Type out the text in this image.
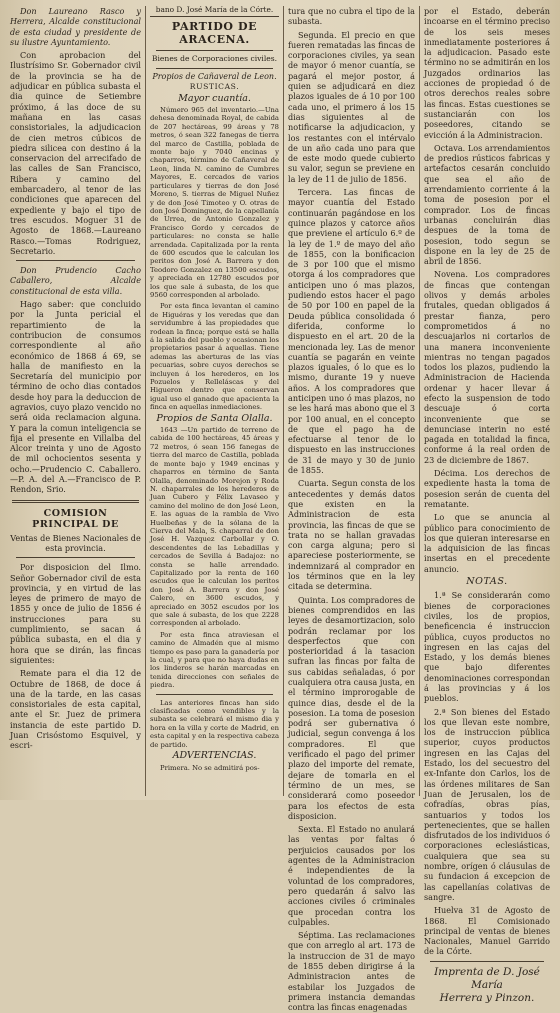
Don Laureano Rasco y Herrera, Alcalde constitucional de esta ciudad y presidente de su ilustre Ayuntamiento.

Con aprobacion del Ilustrísimo Sr. Gobernador civil de la provincia se ha de adjudicar en pública subasta el dia quince de Setiembre próximo, á las doce de su mañana en las casas consistoriales, la adjudicacion de cien metros cúbicos de piedra silicea con destino á la conservacion del arrecifado de las calles de San Francisco, Ribera y camino del embarcadero, al tenor de las condiciones que aparecen del expediente y bajo el tipo de tres escudos. Moguer 31 de Agosto de 1868.—Laureano Rasco.—Tomas Rodriguez, Secretario.

Don Prudencio Cacho Caballero, Alcalde constitucional de esta villa.

Hago saber: que concluido por la Junta pericial el repartimiento de la contribucion de consumos correspondiente al año económico de 1868 á 69, se halla de manifiesto en la Secretaría del municipio por término de ocho dias contados desde hoy para la deduccion de agravios, cuyo plazo vencido no será oida reclamacion alguna. Y para la comun inteligencia se fija el presente en Villalba del Alcor treinta y uno de Agosto de mil ochocientos sesenta y ocho.—Prudencio C. Caballero.—P. A. del A.—Francisco de P. Rendon, Srio.

COMISION PRINCIPAL DE

Ventas de Bienes Nacionales de esta provincia.

Por disposicion del Ilmo. Señor Gobernador civil de esta provincia, y en virtud de las leyes de primero de mayo de 1855 y once de julio de 1856 é instrucciones para su cumplimiento, se sacan á pública subasta, en el dia y hora que se dirán, las fincas siguientes:

Remate para el dia 12 de Octubre de 1868, de doce á una de la tarde, en las casas consistoriales de esta capital, ante el Sr. Juez de primera instancia de este partido D. Juan Crisóstomo Esquivel, y escri-

bano D. José María de la Córte.
PARTIDO DE ARACENA.
Bienes de Corporaciones civiles.
Propios de Cañaveral de Leon.
RUSTICAS.
Mayor cuantía.

Número 965 del inventario.—Una dehesa denominada Royal, de cabida de 207 hectáreas, 99 áreas y 78 metros, ó sean 322 fanegas de tierra del marco de Castilla, poblada de monte bajo y 7040 encinas y chaparros, término de Cañaveral de Leon, linda N. camino de Cumbres Mayores, E. cercados de varios particulares y tierras de don José Moreno, S. tierras de Miguel Nuñez y de don José Timoteo y O. otras de don José Dominguez, de la capellanía de Urrea, de Antonio Gonzalez y Francisco Gordo y cercados de particulares: no consta se halle arrendada. Capitalizada por la renta de 600 escudos que le calculan los peritos don José A. Barrera y don Teodoro Gonzalez en 13500 escudos, y apreciada en 12780 escudos por los que sale á subasta, de los que 9560 corresponden al arbolado.

Por esta finca levantan el camino de Higuéras y los veredas que dan servidumbre á las propiedades que rodean la finca; porque está se halla á la salida del pueblo y ocasionan los propietarios pasar á aquellas. Tiene ademas las aberturas de las vías pecuarias, sobre cuyos derechos se incluyen á los herederos, en los Pozuelos y Relleláscas y del Higueron dentro que conservan igual uso el ganado que apacienta la finca en aquellas inmediaciones.

Propios de Santa Olalla.

1643 —Un partido de terreno de cabida de 100 hectáreas, 45 áreas y 72 metros, ó sean 156 fanegas de tierra del marco de Castilla, poblada de monte bajo y 1949 encinas y chaparros en término de Santa Olalla, denominado Morejon y Roda N. chaparrales de los herederos de Juan Cubero y Félix Lavaseo y camino del molino de don José Leon, E. las aguas de la rambla de Vivo Huelbeñas y de la sólana de la Cierva del Mala, S. chaparral de don José H. Vazquez Carbollar y O. descendentes de las Lebadillas y cercados de Sevilla á Badajoz: no consta se halle arrendado. Capitalizado por la renta de 160 escudos que le calculan los peritos don José A. Barrera y don José Calero, en 3600 escudos, y apreciado en 3052 escudos por los que sale á subasta, de los que 2228 corresponden al arbolado.

Por esta finca atraviesan el camino de Almadén que al mismo tiempo es paso para la ganadería por la cual, y para que no haya dudas en los linderos se harán marcadas en tenida direcciones con señales de piedra.

Las anteriores fincas han sido clasificadas como vendibles y la subasta se celebrará el mismo dia y hora en la villa y corte de Madrid, en esta capital y en la respectiva cabeza de partido.

ADVERTENCIAS.

Primera. No se admitirá pos-

tura que no cubra el tipo de la subasta.

Segunda. El precio en que fueren rematadas las fincas de corporaciones civiles, ya sean de mayor ó menor cuantía, se pagará el mejor postor, á quien se adjudicará en diez plazos iguales de á 10 por 100 cada uno, el primero á los 15 dias siguientes al de notificarse la adjudicacion, y los restantes con el intérvalo de un año cada uno para que de este modo quede cubierto su valor, segun se previene en la ley de 11 de julio de 1856.

Tercera. Las fincas de mayor cuantía del Estado continuarán pagándose en los quince plazos y catorce años que previene el artículo 6.º de la ley de 1.º de mayo del año de 1855, con la bonificacion de 3 por 100 que el mismo otorga á los compradores que anticipen uno ó mas plazos, pudiendo estos hacer el pago de 50 por 100 en papel de la Deuda pública consolidada ó diferida, conforme lo dispuesto en el art. 20 de la mencionada ley. Las de menor cuantía se pagarán en veinte plazos iguales, ó lo que es lo mismo, durante 19 y nueve años. A los compradores que anticipen uno ó mas plazos, no se les hará mas abono que el 3 por 100 anual, en el concepto de que el pago ha de efectuarse al tenor de lo dispuesto en las instrucciones de 31 de mayo y 30 de junio de 1855.

Cuarta. Segun consta de los antecedentes y demás datos que existen en la Administracion de esta provincia, las fincas de que se trata no se hallan gravadas con carga alguna; pero si apareciese posteriormente, se indemnizará al comprador en los términos que en la ley citada se determina.

Quinta. Los compradores de bienes comprendidos en las leyes de desamortizacion, solo podrán reclamar por los desperfectos que con posterioridad á la tasacion sufran las fincas por falta de sus cabidas señaladas, ó por cualquiera otra causa justa, en el término improrogable de quince dias, desde el de la posesion. La toma de posesion podrá ser gubernativa ó judicial, segun convenga á los compradores. El que verificado el pago del primer plazo del importe del remate, dejare de tomarla en el término de un mes, se considerará como poseedor para los efectos de esta disposicion.

Sexta. El Estado no anulará las ventas por faltas ó perjuicios causados por los agentes de la Administracion é independientes de la voluntad de los compradores, pero quedarán á salvo las acciones civiles ó criminales que procedan contra los culpables.

Séptima. Las reclamaciones que con arreglo al art. 173 de la instruccion de 31 de mayo de 1855 deben dirigirse á la Administracion antes de estabilar los Juzgados de primera instancia demandas contra las fincas enagenadas

por el Estado, deberán incoarse en el término preciso de los seis meses inmediatamente posteriores á la adjudicacion. Pasado este término no se admitirán en los Juzgados ordinarios las acciones de propiedad ó de otros derechos reales sobre las fincas. Estas cuestiones se sustanciarán con los poseedores, citando se evicción á la Administracion.

Octava. Los arrendamientos de predios rústicos fabricas y artefactos cesarán concluido que sea el año de arrendamiento corriente á la toma de posesion por el comprador. Los de fincas urbanas concluirán dias despues de la toma de posesion, todo segun se dispone en la ley de 25 de abril de 1856.

Novena. Los compradores de fincas que contengan olivos y demás arboles frutales, quedan obligados á prestar fianza, pero comprometidos á no descuajarlos ni cortarlos de una manera inconveniente mientras no tengan pagados todos los plazos, pudiendo la Administracion de Hacienda ordenar y hacer llevar á efecto la suspension de todo descuaje ó corta inconveniente que se denunciase interin no esté pagada en totalidad la finca, conforme á la real orden de 23 de diciembre de 1867.

Décima. Los derechos de expediente hasta la toma de posesion serán de cuenta del rematante.

Lo que se anuncia al público para conocimiento de los que quieran interesarse en la adquisicion de las fincas insertas en el precedente anuncio.

NOTAS.

1.ª Se considerarán como bienes de corporaciones civiles, los de propios, beneficencia é instruccion pública, cuyos productos no ingresen en las cajas del Estado, y los demás bienes que bajo diferentes denominaciones correspondan á las provincias y á los pueblos.

2.ª Son bienes del Estado los que llevan este nombre, los de instruccion pública superior, cuyos productos ingresen en las Cajas del Estado, los del secuestro del ex-Infante don Carlos, los de las órdenes militares de San Juan de Jerusalen, los de cofradías, obras pías, santuarios y todos los pertenecientes, que se hallen disfrutados de los individuos ó corporaciones eclesiásticas, cualquiera que sea su nombre, orígen ó cláusulas de su fundacion á excepcion de las capellanías colativas de sangre.

Huelva 31 de Agosto de 1868. El Comisionado principal de ventas de bienes Nacionales, Manuel Garrido de la Córte.

Imprenta de D. José María
Herrera y Pinzon.
